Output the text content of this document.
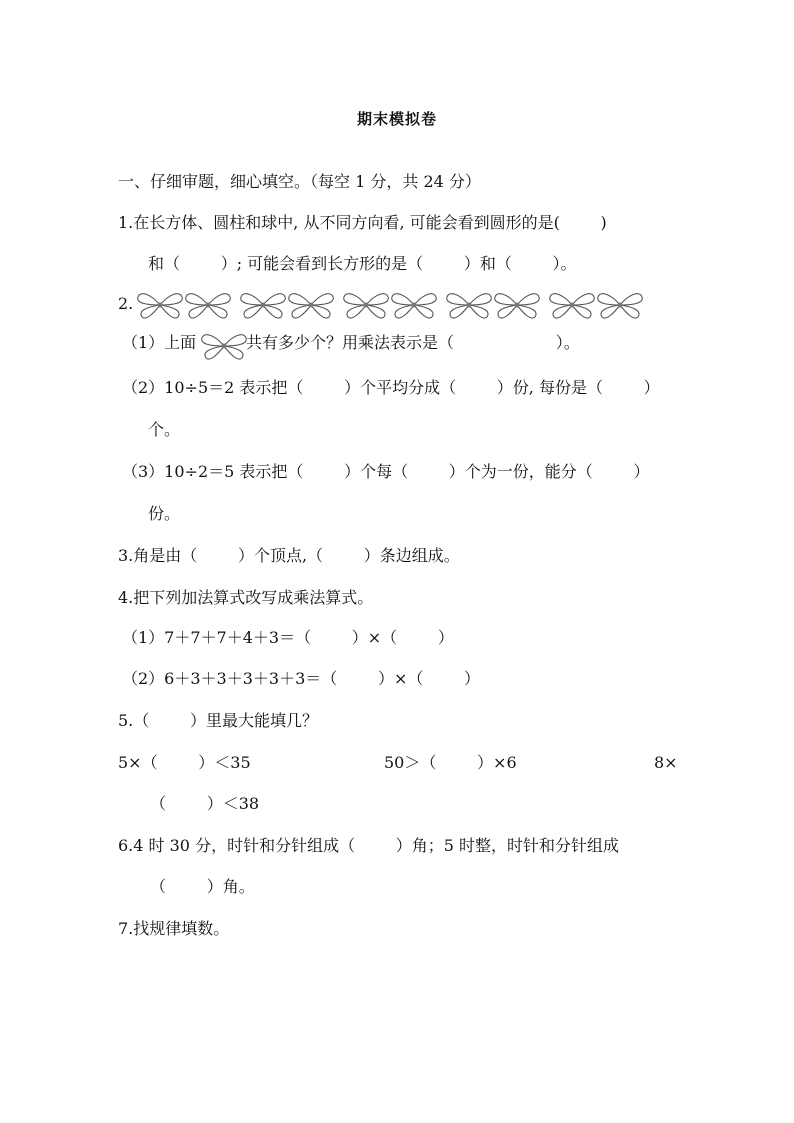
期末模拟卷
一、仔细审题，细心填空。（每空 1 分，共 24 分）
1.在长方体、圆柱和球中, 从不同方向看, 可能会看到圆形的是(        )
和（        ）; 可能会看到长方形的是（        ）和（        ）。
2.

（1）上面	共有多少个？用乘法表示是（                    ）。
（2）10÷5＝2 表示把（        ）个平均分成（        ）份, 每份是（        ）
个。
（3）10÷2＝5 表示把（        ）个每（        ）个为一份，能分（        ）
份。
3.角是由（        ）个顶点,（        ）条边组成。
4.把下列加法算式改写成乘法算式。
（1）7＋7＋7＋4＋3＝（        ）×（        ）
（2）6＋3＋3＋3＋3＋3＝（        ）×（        ）
5.（        ）里最大能填几？
5×（        ）＜35	50＞（        ）×6	8×
（        ）＜38
6.4 时 30 分，时针和分针组成（        ）角；5 时整，时针和分针组成
（        ）角。
7.找规律填数。
